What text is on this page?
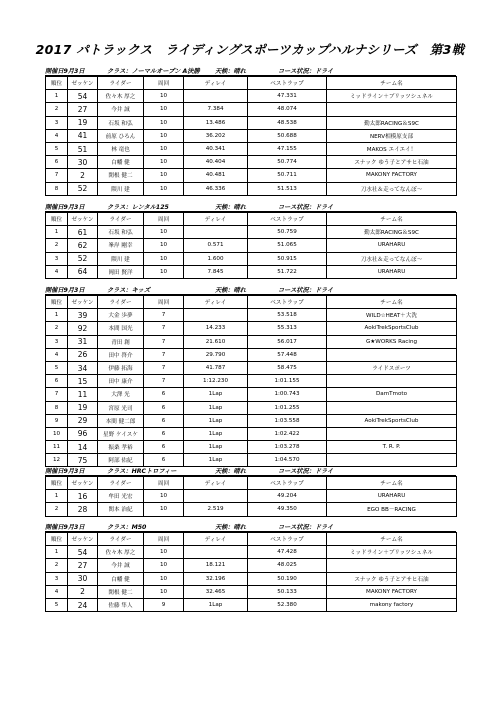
2017 パトラックス　ライディングスポーツカップハルナシリーズ　第3戦
開催日9月3日	クラス：ノーマルオープン A決勝 天候：晴れ	コース状況：ドライ
順位	ゼッケン	ライダー	周回	ディレイ	ベストラップ	チーム名
1	54	佐々木 厚之	10		47.331	ミッドライン＋ブリッツシュネル
2	27	今井 誠	10	7.384	48.074	
3	19	石坂 和弘	10	13.486	48.538	勤太郎RACING＆S9C
4	41	前原 ひろん	10	36.202	50.688	NERV相模原支部
5	51	林 竜也	10	40.341	47.155	MAKOS エイエイ！
6	30	白幡 健	10	40.404	50.774	スナック ゆう子とアサヒ石油
7	2	閑根 健二	10	40.481	50.711	MAKONY FACTORY
8	52	隈川 建	10	46.336	51.513	刀水社＆走ってなんぼ～
開催日9月3日	クラス：レンタル125	天候：晴れ	コース状況：ドライ
順位	ゼッケン	ライダー	周回	ディレイ	ベストラップ	チーム名
1	61	石坂 和弘	10		50.759	勤太郎RACING＆S9C
2	62	峯岸 剛幸	10	0.571	51.065	URAHARU
3	52	隈川 建	10	1.600	50.915	刀水社＆走ってなんぼ～
4	64	岡田 賢洋	10	7.845	51.722	URAHARU
開催日9月3日	クラス：キッズ	天候：晴れ	コース状況：ドライ
順位	ゼッケン	ライダー	周回	ディレイ	ベストラップ	チーム名
1	39	大金 歩夢	7		53.518	WILD☆HEAT＋大洗
2	92	本間 国光	7	14.233	55.313	AokiTrekSportsClub
3	31	青田 創	7	21.610	56.017	G★WORKS Racing
4	26	田中 啓介	7	29.790	57.448	
5	34	伊藤 拓海	7	41.787	58.475	ライドスポーツ
6	15	田中 康介	7	1:12.230	1:01.155	
7	11	大澤 光	6	1Lap	1:00.743	DamTmoto
8	19	宮原 光司	6	1Lap	1:01.255	
9	29	本間 健二郎	6	1Lap	1:03.558	AokiTrekSportsClub
10	96	星野 ケイスケ	6	1Lap	1:02.422	
11	14	振桑 孝裕	6	1Lap	1:03.278	T. R. P.
12	75	阿部 佑紀	6	1Lap	1:04.570	
開催日9月3日	クラス：HRCトロフィー	天候：晴れ	コース状況：ドライ
順位	ゼッケン	ライダー	周回	ディレイ	ベストラップ	チーム名
1	16	牟田 光宏	10		49.204	URAHARU
2	28	関本 治紀	10	2.519	49.350	EGO BB－RACING
開催日9月3日	クラス：M50	天候：晴れ	コース状況：ドライ
順位	ゼッケン	ライダー	周回	ディレイ	ベストラップ	チーム名
1	54	佐々木 厚之	10		47.428	ミッドライン＋ブリッツシュネル
2	27	今井 誠	10	18.121	48.025	
3	30	白幡 健	10	32.196	50.190	スナック ゆう子とアサヒ石油
4	2	閑根 健二	10	32.465	50.133	MAKONY FACTORY
5	24	佐藤 隼人	9	1Lap	52.380	makony factory
